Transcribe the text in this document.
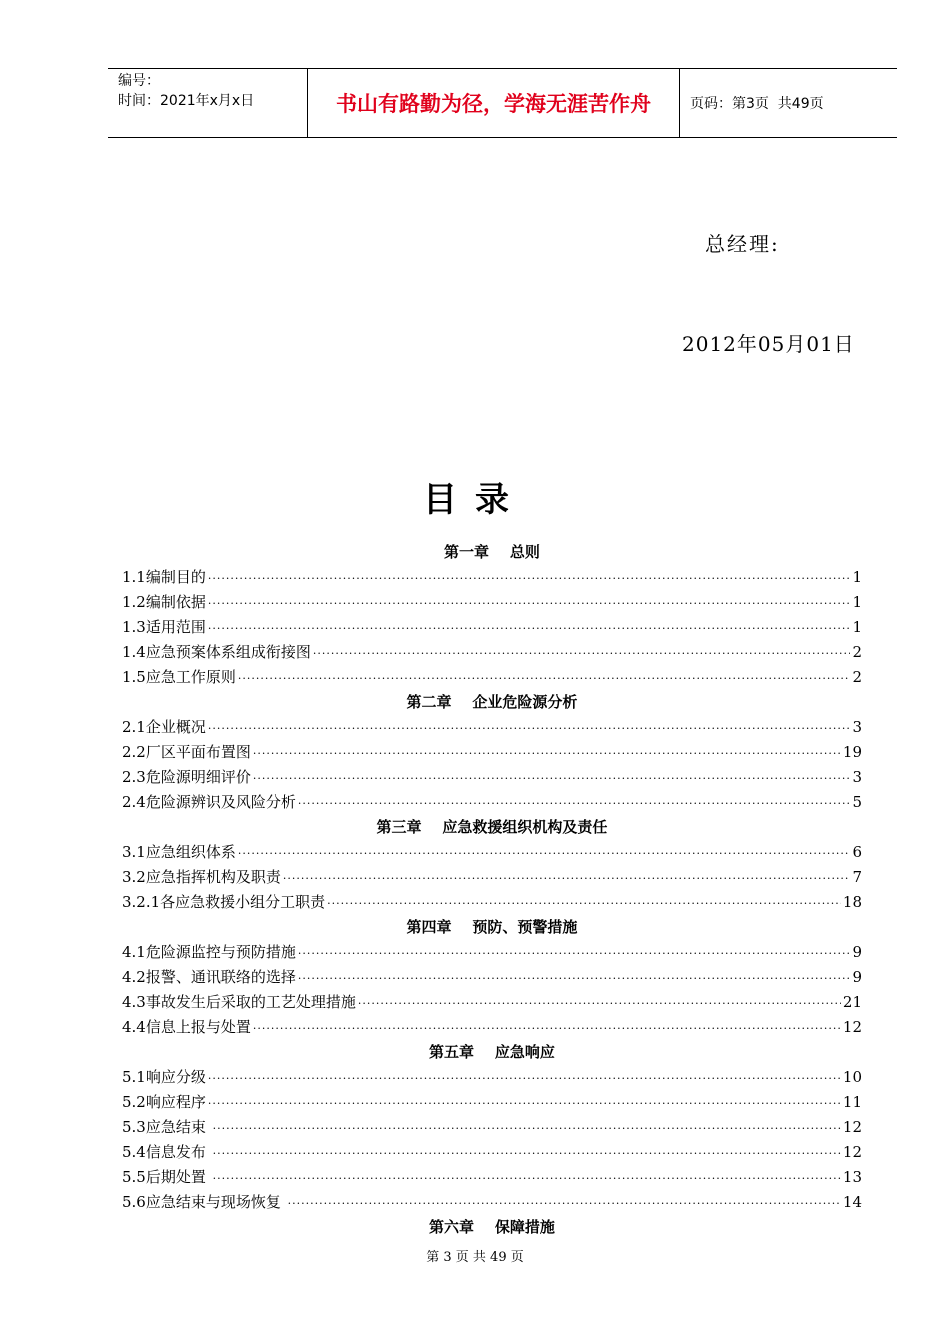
编号：
时间：2021年x月x日	书山有路勤为径，学海无涯苦作舟	页码：第3页  共49页
总经理:
2012年05月01日
目录
第一章    总则
1.1编制目的 ·····	1
1.2编制依据 ·····	1
1.3适用范围 ·····	1
1.4应急预案体系组成衔接图 ·····	2
1.5应急工作原则 ·····	2
第二章    企业危险源分析
2.1企业概况 ·····	3
2.2厂区平面布置图 ·····	19
2.3危险源明细评价 ·····	3
2.4危险源辨识及风险分析 ·····	5
第三章    应急救援组织机构及责任
3.1应急组织体系 ·····	6
3.2应急指挥机构及职责 ·····	7
3.2.1各应急救援小组分工职责 ·····	18
第四章    预防、预警措施
4.1危险源监控与预防措施 ·····	9
4.2报警、通讯联络的选择 ·····	9
4.3事故发生后采取的工艺处理措施 ·····	21
4.4信息上报与处置 ·····	12
第五章    应急响应
5.1响应分级 ·····	10
5.2响应程序 ·····	11
5.3应急结束 ·····	12
5.4信息发布 ·····	12
5.5后期处置 ·····	13
5.6应急结束与现场恢复 ·····	14
第六章    保障措施
第 3 页 共 49 页
